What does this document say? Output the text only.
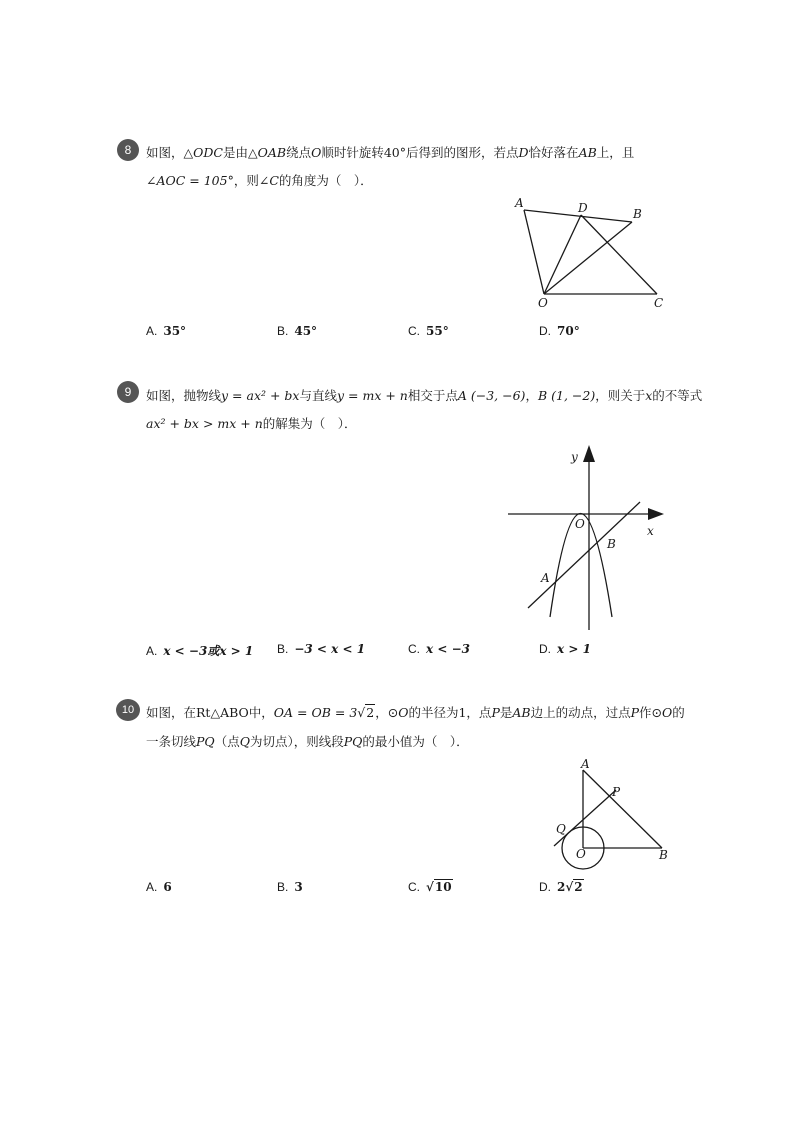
8	如图，△ODC是由△OAB绕点O顺时针旋转40°后得到的图形，若点D恰好落在AB上，且
∠AOC = 105°，则∠C的角度为（　）．
A	D	B
O	C
A. 35°	B. 45°	C. 55°	D. 70°
9	如图，抛物线y = ax² + bx与直线y = mx + n相交于点A (−3, −6)，B (1, −2)，则关于x的不等式
ax² + bx > mx + n的解集为（　）．
y
x
O
A
B
A. x < −3或x > 1 B. −3 < x < 1	C. x < −3	D. x > 1
10 如图，在Rt△ABO中，OA = OB = 3√2，⊙O的半径为1，点P是AB边上的动点，过点P作⊙O的
一条切线PQ（点Q为切点），则线段PQ的最小值为（　）．
A
P
Q
O	B
A. 6	B. 3	C. √10	D. 2√2
